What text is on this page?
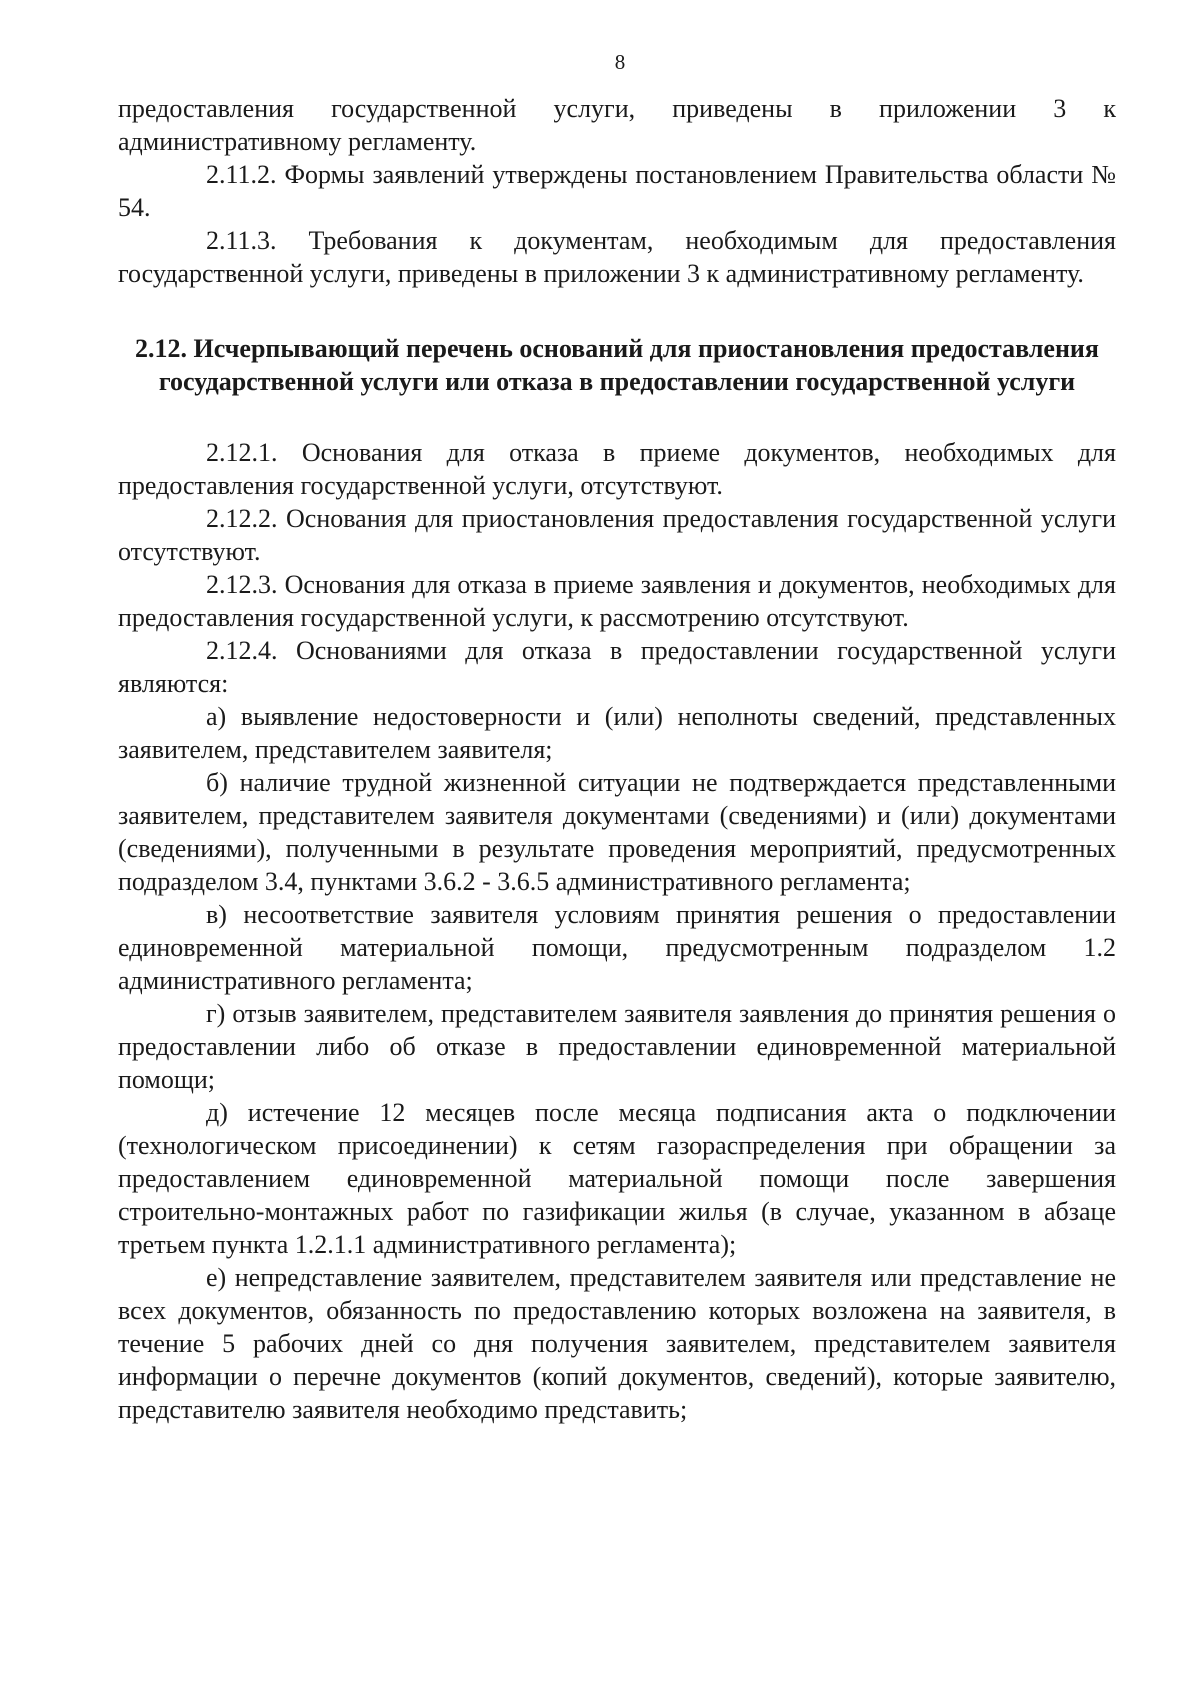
8

предоставления государственной услуги, приведены в приложении 3 к административному регламенту.

2.11.2. Формы заявлений утверждены постановлением Правительства области № 54.

2.11.3. Требования к документам, необходимым для предоставления государственной услуги, приведены в приложении 3 к административному регламенту.

2.12. Исчерпывающий перечень оснований для приостановления предоставления государственной услуги или отказа в предоставлении государственной услуги

2.12.1. Основания для отказа в приеме документов, необходимых для предоставления государственной услуги, отсутствуют.

2.12.2. Основания для приостановления предоставления государственной услуги отсутствуют.

2.12.3. Основания для отказа в приеме заявления и документов, необходимых для предоставления государственной услуги, к рассмотрению отсутствуют.

2.12.4. Основаниями для отказа в предоставлении государственной услуги являются:

а) выявление недостоверности и (или) неполноты сведений, представленных заявителем, представителем заявителя;

б) наличие трудной жизненной ситуации не подтверждается представленными заявителем, представителем заявителя документами (сведениями) и (или) документами (сведениями), полученными в результате проведения мероприятий, предусмотренных подразделом 3.4, пунктами 3.6.2 - 3.6.5 административного регламента;

в) несоответствие заявителя условиям принятия решения о предоставлении единовременной материальной помощи, предусмотренным подразделом 1.2 административного регламента;

г) отзыв заявителем, представителем заявителя заявления до принятия решения о предоставлении либо об отказе в предоставлении единовременной материальной помощи;

д) истечение 12 месяцев после месяца подписания акта о подключении (технологическом присоединении) к сетям газораспределения при обращении за предоставлением единовременной материальной помощи после завершения строительно-монтажных работ по газификации жилья (в случае, указанном в абзаце третьем пункта 1.2.1.1 административного регламента);

е) непредставление заявителем, представителем заявителя или представление не всех документов, обязанность по предоставлению которых возложена на заявителя, в течение 5 рабочих дней со дня получения заявителем, представителем заявителя информации о перечне документов (копий документов, сведений), которые заявителю, представителю заявителя необходимо представить;
